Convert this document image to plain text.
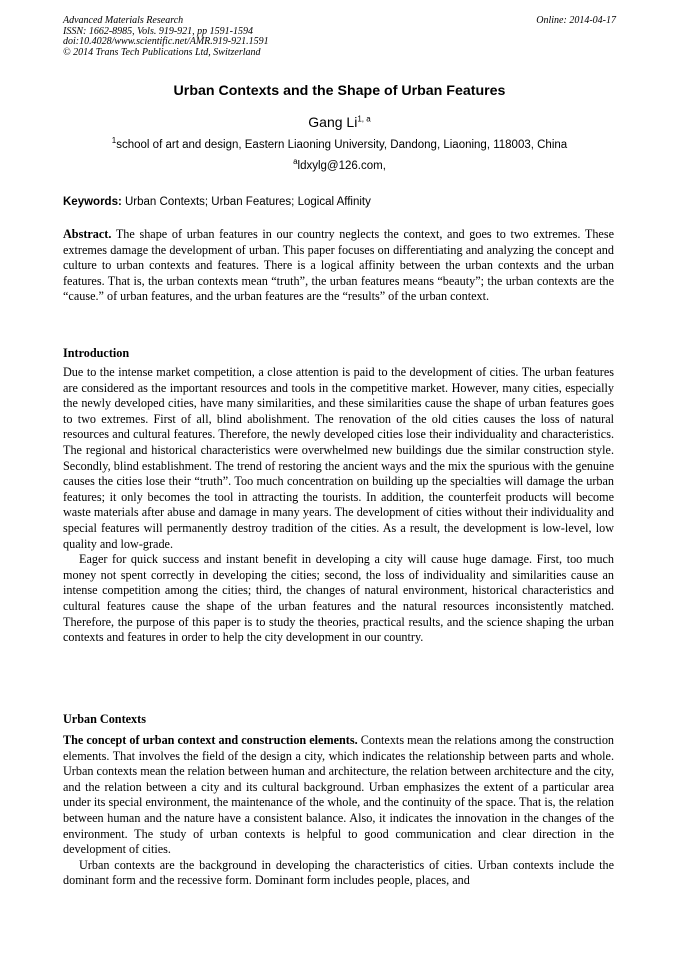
Advanced Materials Research
ISSN: 1662-8985, Vols. 919-921, pp 1591-1594
doi:10.4028/www.scientific.net/AMR.919-921.1591
© 2014 Trans Tech Publications Ltd, Switzerland
Online: 2014-04-17
Urban Contexts and the Shape of Urban Features
Gang Li$^{1, a}$
$^1$school of art and design, Eastern Liaoning University, Dandong, Liaoning, 118003, China
$^a$ldxylg@126.com,
Keywords: Urban Contexts; Urban Features; Logical Affinity

Abstract. The shape of urban features in our country neglects the context, and goes to two extremes. These extremes damage the development of urban. This paper focuses on differentiating and analyzing the concept and culture to urban contexts and features. There is a logical affinity between the urban contexts and the urban features. That is, the urban contexts mean “truth”, the urban features means “beauty”; the urban contexts are the “cause.” of urban features, and the urban features are the “results” of the urban context.

Introduction

Due to the intense market competition, a close attention is paid to the development of cities. The urban features are considered as the important resources and tools in the competitive market. However, many cities, especially the newly developed cities, have many similarities, and these similarities cause the shape of urban features goes to two extremes. First of all, blind abolishment. The renovation of the old cities causes the loss of natural resources and cultural features. Therefore, the newly developed cities lose their individuality and characteristics. The regional and historical characteristics were overwhelmed new buildings due the similar construction style. Secondly, blind establishment. The trend of restoring the ancient ways and the mix the spurious with the genuine causes the cities lose their “truth”. Too much concentration on building up the specialties will damage the urban features; it only becomes the tool in attracting the tourists. In addition, the counterfeit products will become waste materials after abuse and damage in many years. The development of cities without their individuality and special features will permanently destroy tradition of the cities. As a result, the development is low-level, low quality and low-grade.

Eager for quick success and instant benefit in developing a city will cause huge damage. First, too much money not spent correctly in developing the cities; second, the loss of individuality and similarities cause an intense competition among the cities; third, the changes of natural environment, historical characteristics and cultural features cause the shape of the urban features and the natural resources inconsistently matched. Therefore, the purpose of this paper is to study the theories, practical results, and the science shaping the urban contexts and features in order to help the city development in our country.

Urban Contexts

The concept of urban context and construction elements. Contexts mean the relations among the construction elements. That involves the field of the design a city, which indicates the relationship between parts and whole. Urban contexts mean the relation between human and architecture, the relation between architecture and the city, and the relation between a city and its cultural background. Urban emphasizes the extent of a particular area under its special environment, the maintenance of the whole, and the continuity of the space. That is, the relation between human and the nature have a consistent balance. Also, it indicates the innovation in the changes of the environment. The study of urban contexts is helpful to good communication and clear direction in the development of cities.

Urban contexts are the background in developing the characteristics of cities. Urban contexts include the dominant form and the recessive form. Dominant form includes people, places, and
